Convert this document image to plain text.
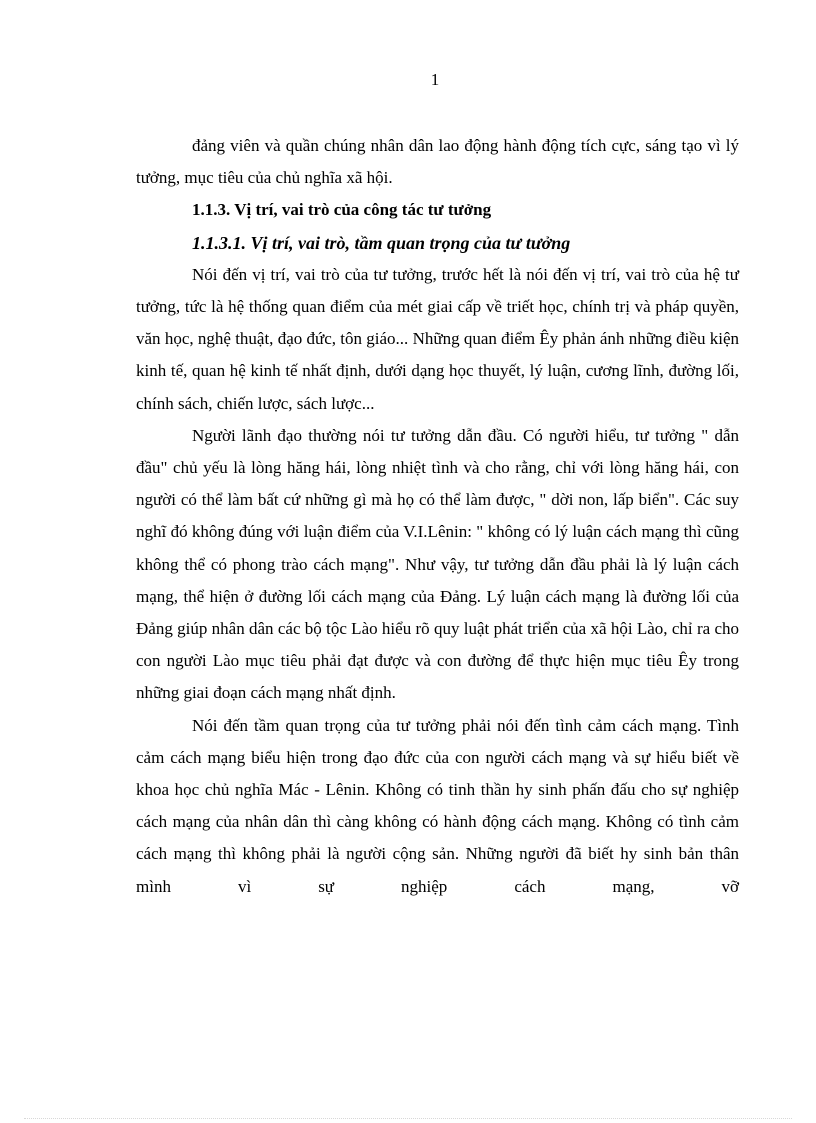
1

đảng viên và quần chúng nhân dân lao động hành động tích cực, sáng tạo vì lý tưởng, mục tiêu của chủ nghĩa xã hội.

1.1.3. Vị trí, vai trò của công tác tư tưởng

1.1.3.1. Vị trí, vai trò, tầm quan trọng của tư tưởng

Nói đến vị trí, vai trò của tư tưởng, trước hết là nói đến vị trí, vai trò của hệ tư tưởng, tức là hệ thống quan điểm của mét giai cấp về triết học, chính trị và pháp quyền, văn học, nghệ thuật, đạo đức, tôn giáo... Những quan điểm Êy phản ánh những điều kiện kinh tế, quan hệ kinh tế nhất định, dưới dạng học thuyết, lý luận, cương lĩnh, đường lối, chính sách, chiến lược, sách lược...

Người lãnh đạo thường nói tư tưởng dẫn đầu. Có người hiểu, tư tưởng " dẫn đầu" chủ yếu là lòng hăng hái, lòng nhiệt tình và cho rằng, chỉ với lòng hăng hái, con người có thể làm bất cứ những gì mà họ có thể làm được, " dời non, lấp biển". Các suy nghĩ đó không đúng với luận điểm của V.I.Lênin: " không có lý luận cách mạng thì cũng không thể có phong trào cách mạng". Như vậy, tư tưởng dẫn đầu phải là lý luận cách mạng, thể hiện ở đường lối cách mạng của Đảng. Lý luận cách mạng là đường lối của Đảng giúp nhân dân các bộ tộc Lào hiểu rõ quy luật phát triển của xã hội Lào, chỉ ra cho con người Lào mục tiêu phải đạt được và con đường để thực hiện mục tiêu Êy trong những giai đoạn cách mạng nhất định.

Nói đến tầm quan trọng của tư tưởng phải nói đến tình cảm cách mạng. Tình cảm cách mạng biểu hiện trong đạo đức của con người cách mạng và sự hiểu biết về khoa học chủ nghĩa Mác - Lênin. Không có tinh thần hy sinh phấn đấu cho sự nghiệp cách mạng của nhân dân thì càng không có hành động cách mạng. Không có tình cảm cách mạng thì không phải là người cộng sản. Những người đã biết hy sinh bản thân mình vì sự nghiệp cách mạng, vỡ
